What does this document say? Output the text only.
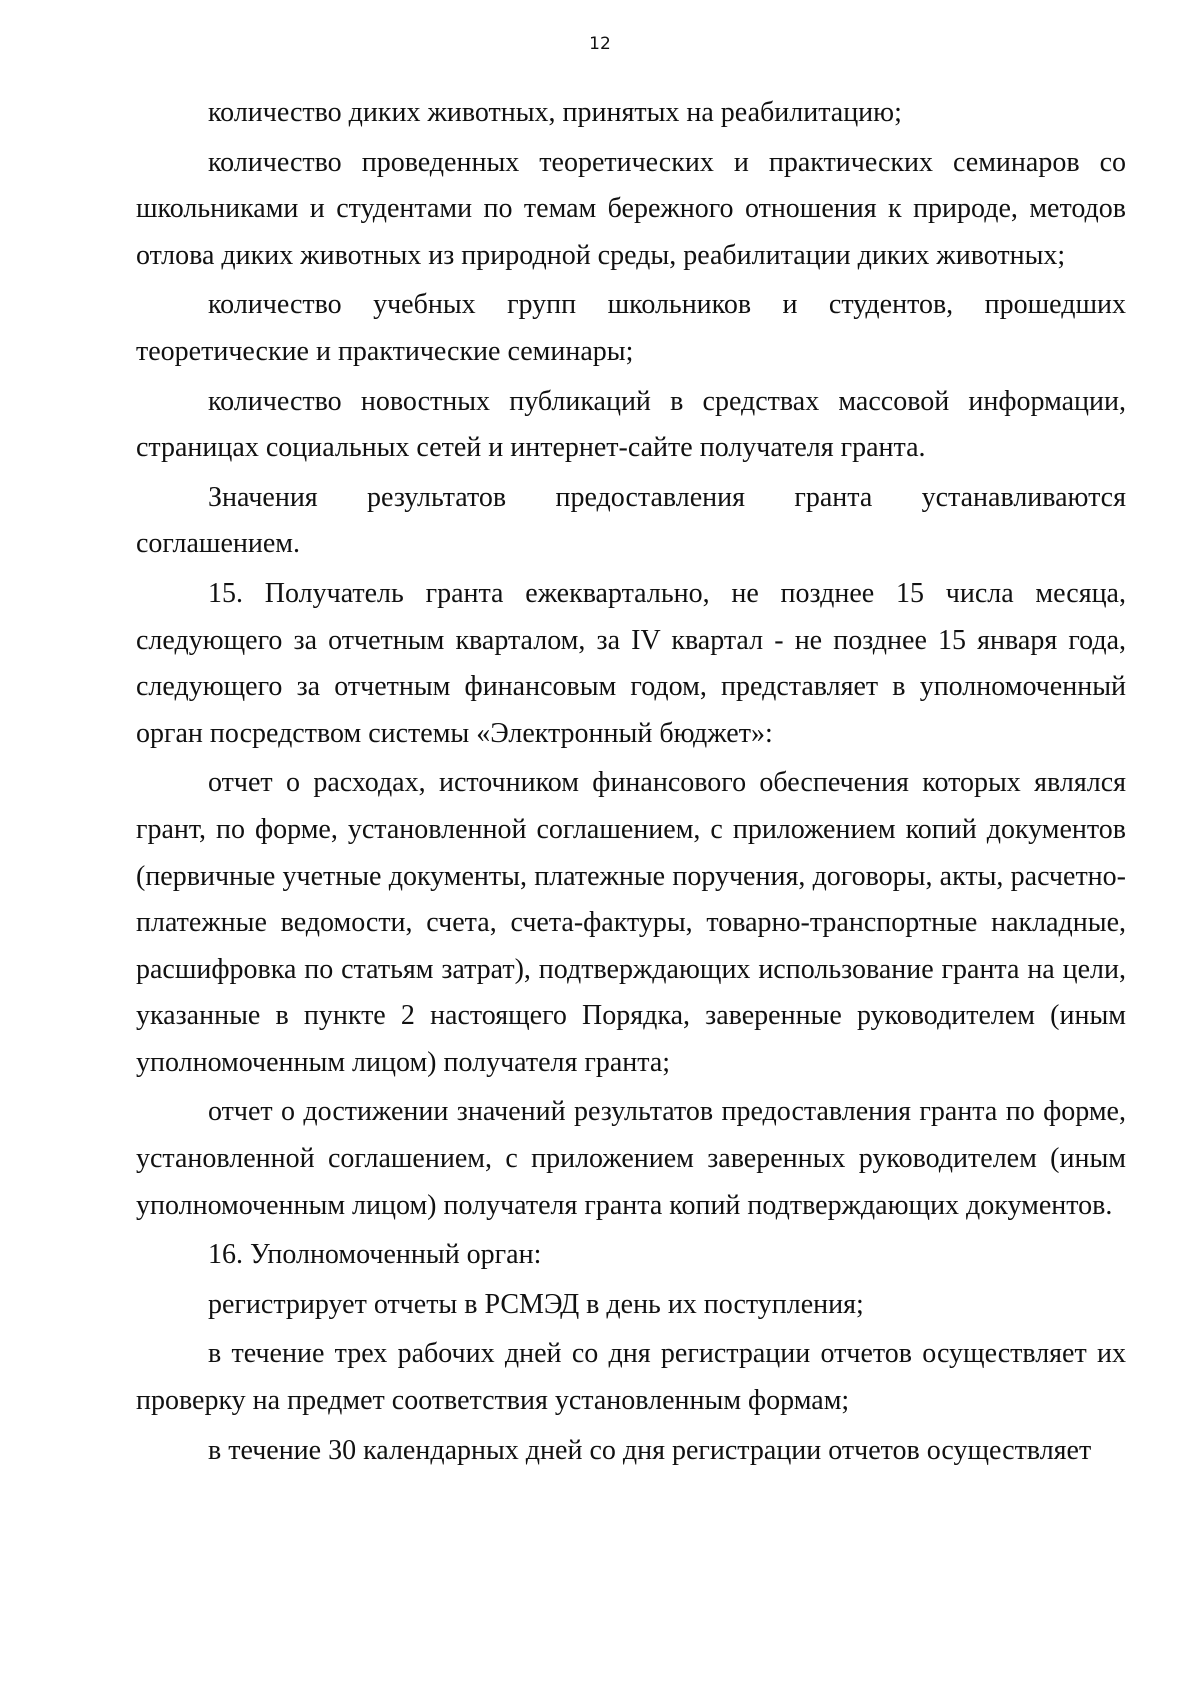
12

количество диких животных, принятых на реабилитацию;

количество проведенных теоретических и практических семинаров со школьниками и студентами по темам бережного отношения к природе, методов отлова диких животных из природной среды, реабилитации диких животных;

количество учебных групп школьников и студентов, прошедших теоретические и практические семинары;

количество новостных публикаций в средствах массовой информации, страницах социальных сетей и интернет-сайте получателя гранта.

Значения результатов предоставления гранта устанавливаются соглашением.

15. Получатель гранта ежеквартально, не позднее 15 числа месяца, следующего за отчетным кварталом, за IV квартал - не позднее 15 января года, следующего за отчетным финансовым годом, представляет в уполномоченный орган посредством системы «Электронный бюджет»:

отчет о расходах, источником финансового обеспечения которых являлся грант, по форме, установленной соглашением, с приложением копий документов (первичные учетные документы, платежные поручения, договоры, акты, расчетно-платежные ведомости, счета, счета-фактуры, товарно-транспортные накладные, расшифровка по статьям затрат), подтверждающих использование гранта на цели, указанные в пункте 2 настоящего Порядка, заверенные руководителем (иным уполномоченным лицом) получателя гранта;

отчет о достижении значений результатов предоставления гранта по форме, установленной соглашением, с приложением заверенных руководителем (иным уполномоченным лицом) получателя гранта копий подтверждающих документов.

16. Уполномоченный орган:

регистрирует отчеты в РСМЭД в день их поступления;

в течение трех рабочих дней со дня регистрации отчетов осуществляет их проверку на предмет соответствия установленным формам;

в течение 30 календарных дней со дня регистрации отчетов осуществляет
